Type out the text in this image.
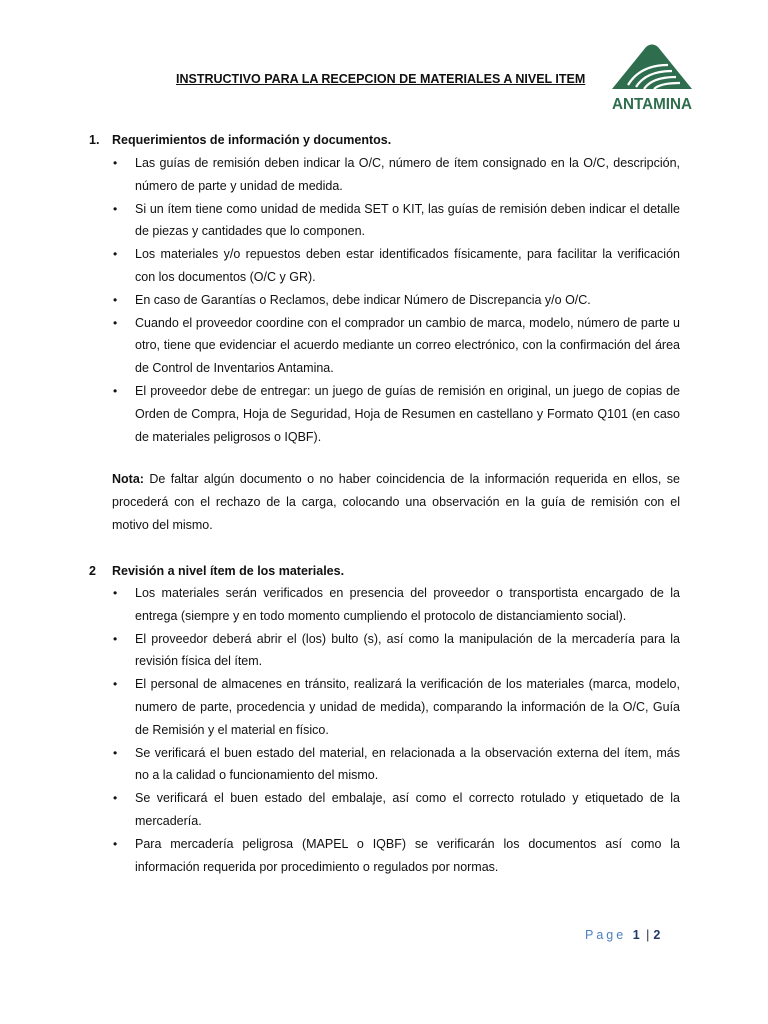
ANTAMINA
INSTRUCTIVO PARA LA RECEPCION DE MATERIALES A NIVEL ITEM
1. Requerimientos de información y documentos.
• Las guías de remisión deben indicar la O/C, número de ítem consignado en la O/C, descripción, número de parte y unidad de medida.
• Si un ítem tiene como unidad de medida SET o KIT, las guías de remisión deben indicar el detalle de piezas y cantidades que lo componen.
• Los materiales y/o repuestos deben estar identificados físicamente, para facilitar la verificación con los documentos (O/C y GR).
• En caso de Garantías o Reclamos, debe indicar Número de Discrepancia y/o O/C.
• Cuando el proveedor coordine con el comprador un cambio de marca, modelo, número de parte u otro, tiene que evidenciar el acuerdo mediante un correo electrónico, con la confirmación del área de Control de Inventarios Antamina.
• El proveedor debe de entregar: un juego de guías de remisión en original, un juego de copias de Orden de Compra, Hoja de Seguridad, Hoja de Resumen en castellano y Formato Q101 (en caso de materiales peligrosos o IQBF).
Nota: De faltar algún documento o no haber coincidencia de la información requerida en ellos, se procederá con el rechazo de la carga, colocando una observación en la guía de remisión con el motivo del mismo.
2 Revisión a nivel ítem de los materiales.
• Los materiales serán verificados en presencia del proveedor o transportista encargado de la entrega (siempre y en todo momento cumpliendo el protocolo de distanciamiento social).
• El proveedor deberá abrir el (los) bulto (s), así como la manipulación de la mercadería para la revisión física del ítem.
• El personal de almacenes en tránsito, realizará la verificación de los materiales (marca, modelo, numero de parte, procedencia y unidad de medida), comparando la información de la O/C, Guía de Remisión y el material en físico.
• Se verificará el buen estado del material, en relacionada a la observación externa del ítem, más no a la calidad o funcionamiento del mismo.
• Se verificará el buen estado del embalaje, así como el correcto rotulado y etiquetado de la mercadería.
• Para mercadería peligrosa (MAPEL o IQBF) se verificarán los documentos así como la información requerida por procedimiento o regulados por normas.
Page 1 | 2
